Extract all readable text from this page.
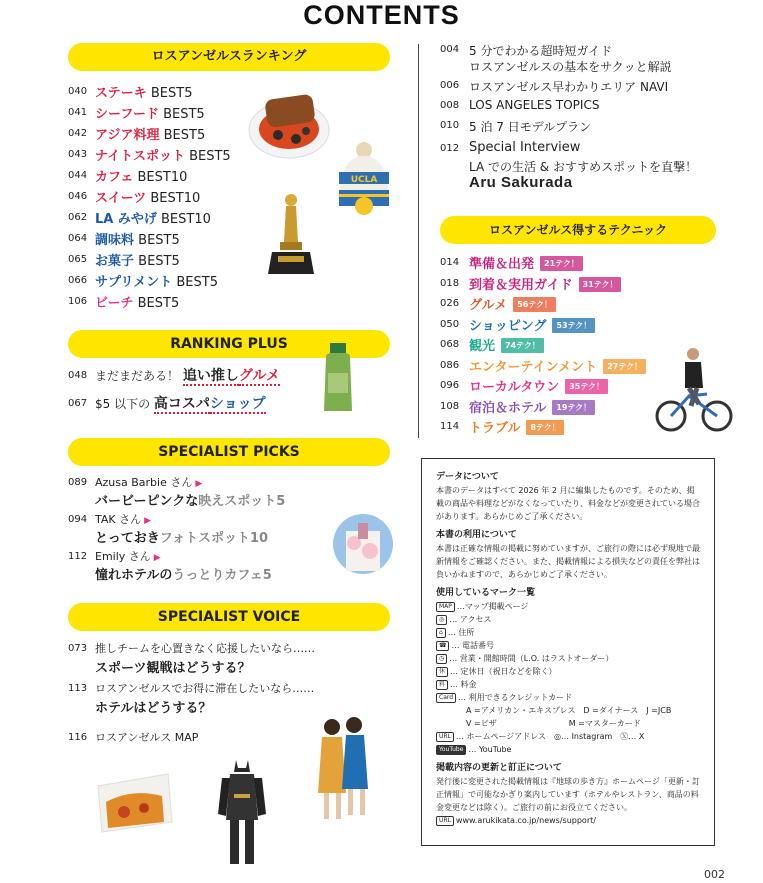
CONTENTS
ロスアンゼルスランキング
040 ステーキ BEST5
041 シーフード BEST5
042 アジア料理 BEST5
043 ナイトスポット BEST5
044 カフェ BEST10
046 スイーツ BEST10
062 LA みやげ BEST10
064 調味料 BEST5
065 お菓子 BEST5
066 サプリメント BEST5
106 ビーチ BEST5
RANKING PLUS
048 まだまだある！ 追い推しグルメ
067 $5 以下の 高コスパショップ
SPECIALIST PICKS
089 Azusa Barbie さん ▶
バービーピンクな映えスポット5
094 TAK さん ▶
とっておきフォトスポット10
112 Emily さん ▶
憧れホテルのうっとりカフェ5
SPECIALIST VOICE
073 推しチームを心置きなく応援したいなら……
スポーツ観戦はどうする？
113 ロスアンゼルスでお得に滞在したいなら……
ホテルはどうする？
116 ロスアンゼルス MAP
UCLA
004 5 分でわかる超時短ガイド
ロスアンゼルスの基本をサクッと解説
006 ロスアンゼルス早わかりエリア NAVI
008 LOS ANGELES TOPICS
010 5 泊 7 日モデルプラン
012 Special Interview
LA での生活 & おすすめスポットを直撃！
Aru Sakurada
ロスアンゼルス得するテクニック
014 準備＆出発 21テク！
018 到着＆実用ガイド 31テク！
026 グルメ 56テク！
050 ショッピング 53テク！
068 観光 74テク！
086 エンターテインメント 27テク！
096 ローカルタウン 35テク！
108 宿泊＆ホテル 19テク！
114 トラブル 8テク！

データについて

本書のデータはすべて 2026 年 2 月に編集したものです。そのため、掲載の商品や料理などがなくなっていたり、料金などが変更されている場合があります。あらかじめご了承ください。

本書の利用について

本書は正確な情報の掲載に努めていますが、ご旅行の際には必ず現地で最新情報をご確認ください。また、掲載情報による損失などの責任を弊社は負いかねますので、あらかじめご了承ください。

使用しているマーク一覧

MAP …マップ掲載ページ

◎ … アクセス

⌂ … 住所

☎ … 電話番号

◷ … 営業・開館時間（L.O. はラストオーダー）

休 … 定休日（祝日などを除く）

料 … 料金

Card … 利用できるクレジットカード

A =アメリカン・エキスプレス　D =ダイナース　J =JCB

V =ビザ　　　　　　　　　M =マスターカード

URL … ホームページアドレス　◎… Instagram　Ⓧ… X

YouTube … YouTube

掲載内容の更新と訂正について

発行後に変更された掲載情報は『地球の歩き方』ホームページ「更新・訂正情報」で可能なかぎり案内しています（ホテルやレストラン、商品の料金変更などは除く）。ご旅行の前にお役立てください。

URL www.arukikata.co.jp/news/support/

002
